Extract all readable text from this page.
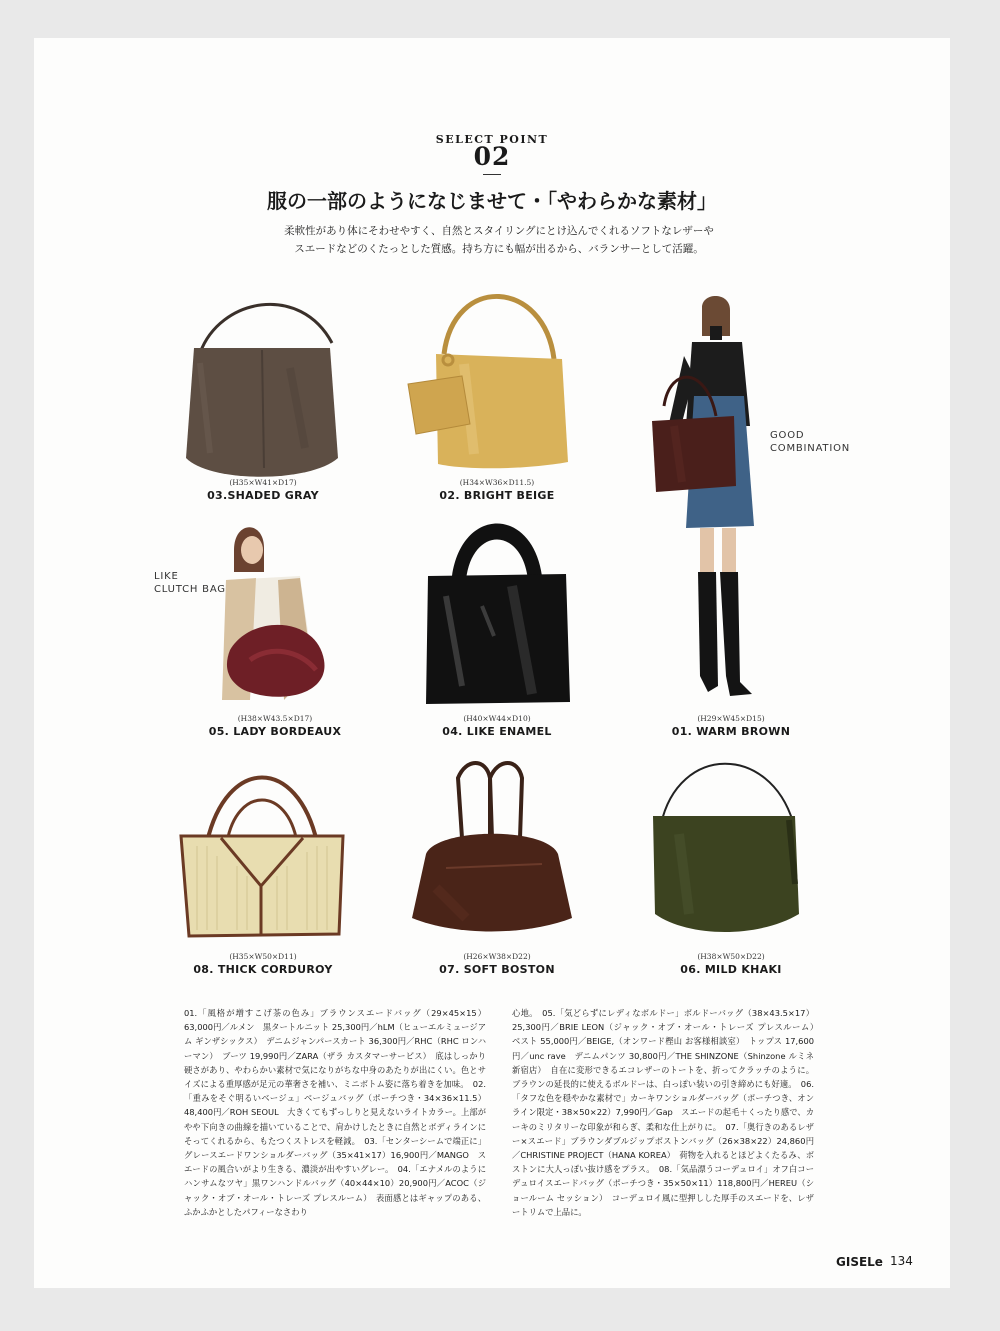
SELECT POINT
02
服の一部のようになじませて・「やわらかな素材」
柔軟性があり体にそわせやすく、自然とスタイリングにとけ込んでくれるソフトなレザーや
スエードなどのくたっとした質感。持ち方にも幅が出るから、バランサーとして活躍。
(H35×W41×D17)
03.SHADED GRAY
(H34×W36×D11.5)
02. BRIGHT BEIGE
GOOD
COMBINATION
(H29×W45×D15)
01. WARM BROWN
LIKE
CLUTCH BAG
(H38×W43.5×D17)
05. LADY BORDEAUX
(H40×W44×D10)
04. LIKE ENAMEL
(H35×W50×D11)
08. THICK CORDUROY
(H26×W38×D22)
07. SOFT BOSTON
(H38×W50×D22)
06. MILD KHAKI
01.「風格が増すこげ茶の色み」ブラウンスエードバッグ（29×45×15）63,000円／ルメン　黒タートルニット 25,300円／hLM（ヒューエルミュージアム ギンザシックス）　デニムジャンパースカート 36,300円／RHC（RHC ロンハーマン）　ブーツ 19,990円／ZARA（ザラ カスタマーサービス）　底はしっかり硬さがあり、やわらかい素材で気になりがちな中身のあたりが出にくい。色とサイズによる重厚感が足元の華奢さを補い、ミニボトム姿に落ち着きを加味。　02.「重みをそぐ明るいベージュ」ベージュバッグ（ポーチつき・34×36×11.5）48,400円／ROH SEOUL　大きくてもずっしりと見えないライトカラー。上部がやや下向きの曲線を描いていることで、肩かけしたときに自然とボディラインにそってくれるから、もたつくストレスを軽減。　03.「センターシームで端正に」グレースエードワンショルダーバッグ（35×41×17）16,900円／MANGO　スエードの風合いがより生きる、濃淡が出やすいグレー。　04.「エナメルのようにハンサムなツヤ」黒ワンハンドルバッグ（40×44×10）20,900円／ACOC（ジャック・オブ・オール・トレーズ プレスルーム）　表面感とはギャップのある、ふかふかとしたパフィーなさわり
心地。　05.「気どらずにレディなボルドー」ボルドーバッグ（38×43.5×17）25,300円／BRIE LEON（ジャック・オブ・オール・トレーズ プレスルーム）　ベスト 55,000円／BEIGE,（オンワード樫山 お客様相談室）　トップス 17,600円／unc rave　デニムパンツ 30,800円／THE SHINZONE（Shinzone ルミネ新宿店）　自在に変形できるエコレザーのトートを、折ってクラッチのように。ブラウンの延長的に使えるボルドーは、白っぽい装いの引き締めにも好適。　06.「タフな色を穏やかな素材で」カーキワンショルダーバッグ（ポーチつき、オンライン限定・38×50×22）7,990円／Gap　スエードの起毛＋くったり感で、カーキのミリタリーな印象が和らぎ、柔和な仕上がりに。　07.「奥行きのあるレザー×スエード」ブラウンダブルジップボストンバッグ（26×38×22）24,860円／CHRISTINE PROJECT（HANA KOREA）　荷物を入れるとほどよくたるみ、ボストンに大人っぽい抜け感をプラス。　08.「気品漂うコーデュロイ」オフ白コーデュロイスエードバッグ（ポーチつき・35×50×11）118,800円／HEREU（ショールーム セッション）　コーデュロイ風に型押しした厚手のスエードを、レザートリムで上品に。
GISELe 134
